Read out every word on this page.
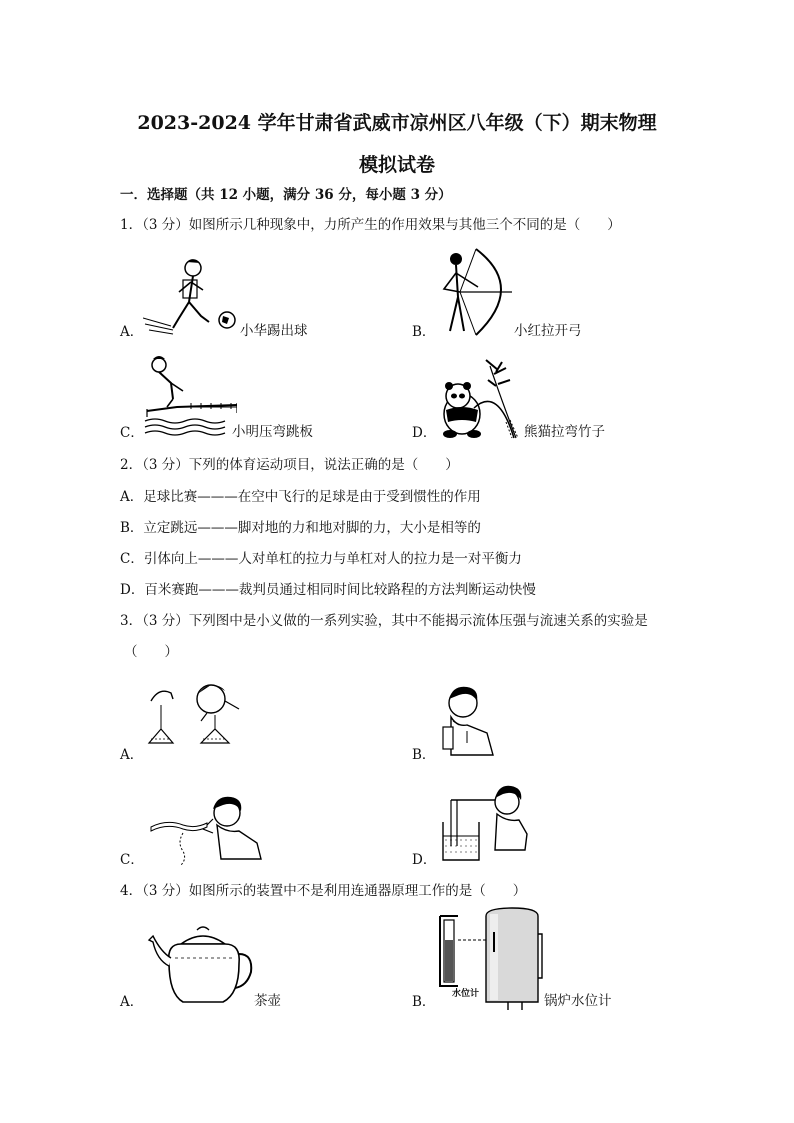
2023-2024 学年甘肃省武威市凉州区八年级（下）期末物理
模拟试卷
一．选择题（共 12 小题，满分 36 分，每小题 3 分）
1．（3 分）如图所示几种现象中，力所产生的作用效果与其他三个不同的是（　　）
A．	小华踢出球	B．	小红拉开弓
C．	小明压弯跳板	D．	熊猫拉弯竹子
2．（3 分）下列的体育运动项目，说法正确的是（　　）
A．足球比赛———在空中飞行的足球是由于受到惯性的作用
B．立定跳远———脚对地的力和地对脚的力，大小是相等的
C．引体向上———人对单杠的拉力与单杠对人的拉力是一对平衡力
D．百米赛跑———裁判员通过相同时间比较路程的方法判断运动快慢
3．（3 分）下列图中是小义做的一系列实验，其中不能揭示流体压强与流速关系的实验是
（　　）
A．	B．
C．	D．
4．（3 分）如图所示的装置中不是利用连通器原理工作的是（　　）
A．	茶壶	水位计
B．	锅炉水位计
